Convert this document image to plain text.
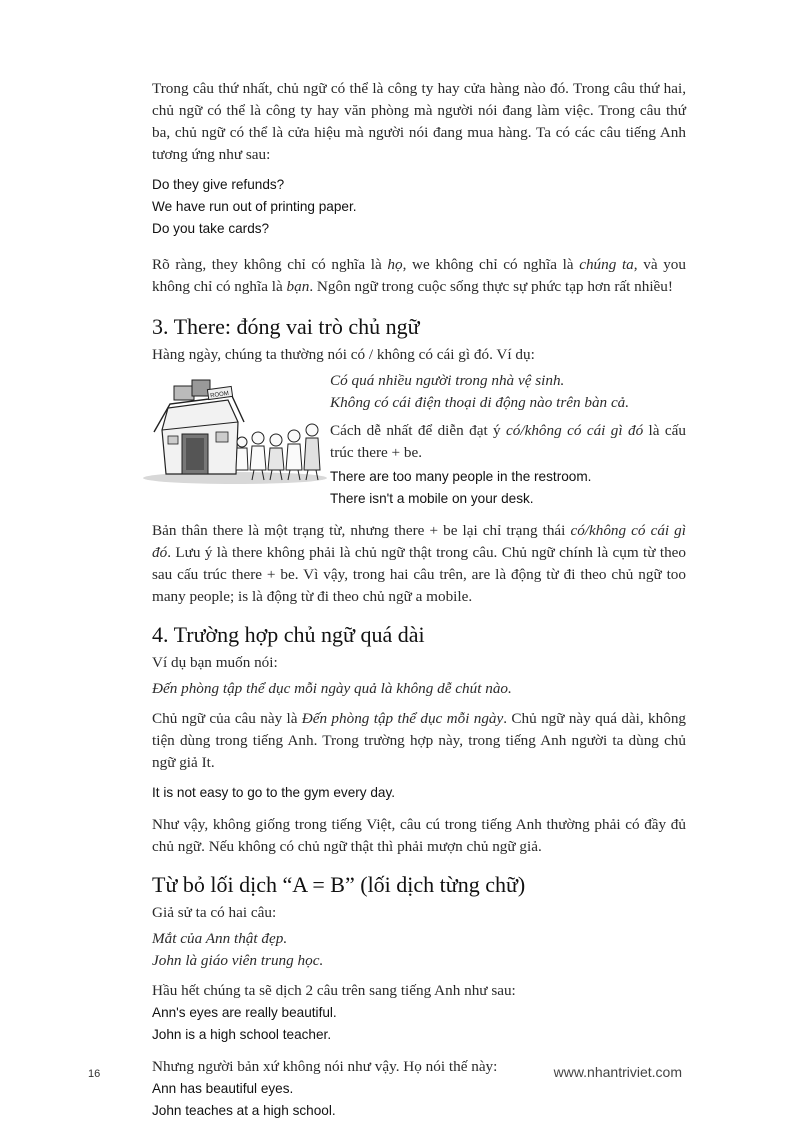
Trong câu thứ nhất, chủ ngữ có thể là công ty hay cửa hàng nào đó. Trong câu thứ hai, chủ ngữ có thể là công ty hay văn phòng mà người nói đang làm việc. Trong câu thứ ba, chủ ngữ có thể là cửa hiệu mà người nói đang mua hàng. Ta có các câu tiếng Anh tương ứng như sau:

Do they give refunds?

We have run out of printing paper.

Do you take cards?

Rõ ràng, they không chỉ có nghĩa là họ, we không chỉ có nghĩa là chúng ta, và you không chỉ có nghĩa là bạn. Ngôn ngữ trong cuộc sống thực sự phức tạp hơn rất nhiều!

3. There: đóng vai trò chủ ngữ

Hàng ngày, chúng ta thường nói có / không có cái gì đó. Ví dụ:

ROOM

Có quá nhiều người trong nhà vệ sinh.

Không có cái điện thoại di động nào trên bàn cả.

Cách dễ nhất để diễn đạt ý có/không có cái gì đó là cấu trúc there + be.

There are too many people in the restroom.

There isn't a mobile on your desk.

Bản thân there là một trạng từ, nhưng there + be lại chỉ trạng thái có/không có cái gì đó. Lưu ý là there không phải là chủ ngữ thật trong câu. Chủ ngữ chính là cụm từ theo sau cấu trúc there + be. Vì vậy, trong hai câu trên, are là động từ đi theo chủ ngữ too many people; is là động từ đi theo chủ ngữ a mobile.

4. Trường hợp chủ ngữ quá dài

Ví dụ bạn muốn nói:

Đến phòng tập thể dục mỗi ngày quả là không dễ chút nào.

Chủ ngữ của câu này là Đến phòng tập thể dục mỗi ngày. Chủ ngữ này quá dài, không tiện dùng trong tiếng Anh. Trong trường hợp này, trong tiếng Anh người ta dùng chủ ngữ giả It.

It is not easy to go to the gym every day.

Như vậy, không giống trong tiếng Việt, câu cú trong tiếng Anh thường phải có đầy đủ chủ ngữ. Nếu không có chủ ngữ thật thì phải mượn chủ ngữ giả.

Từ bỏ lối dịch “A = B” (lối dịch từng chữ)

Giả sử ta có hai câu:

Mắt của Ann thật đẹp.

John là giáo viên trung học.

Hầu hết chúng ta sẽ dịch 2 câu trên sang tiếng Anh như sau:

Ann's eyes are really beautiful.

John is a high school teacher.

Nhưng người bản xứ không nói như vậy. Họ nói thế này:

Ann has beautiful eyes.

John teaches at a high school.

16	www.nhantriviet.com
